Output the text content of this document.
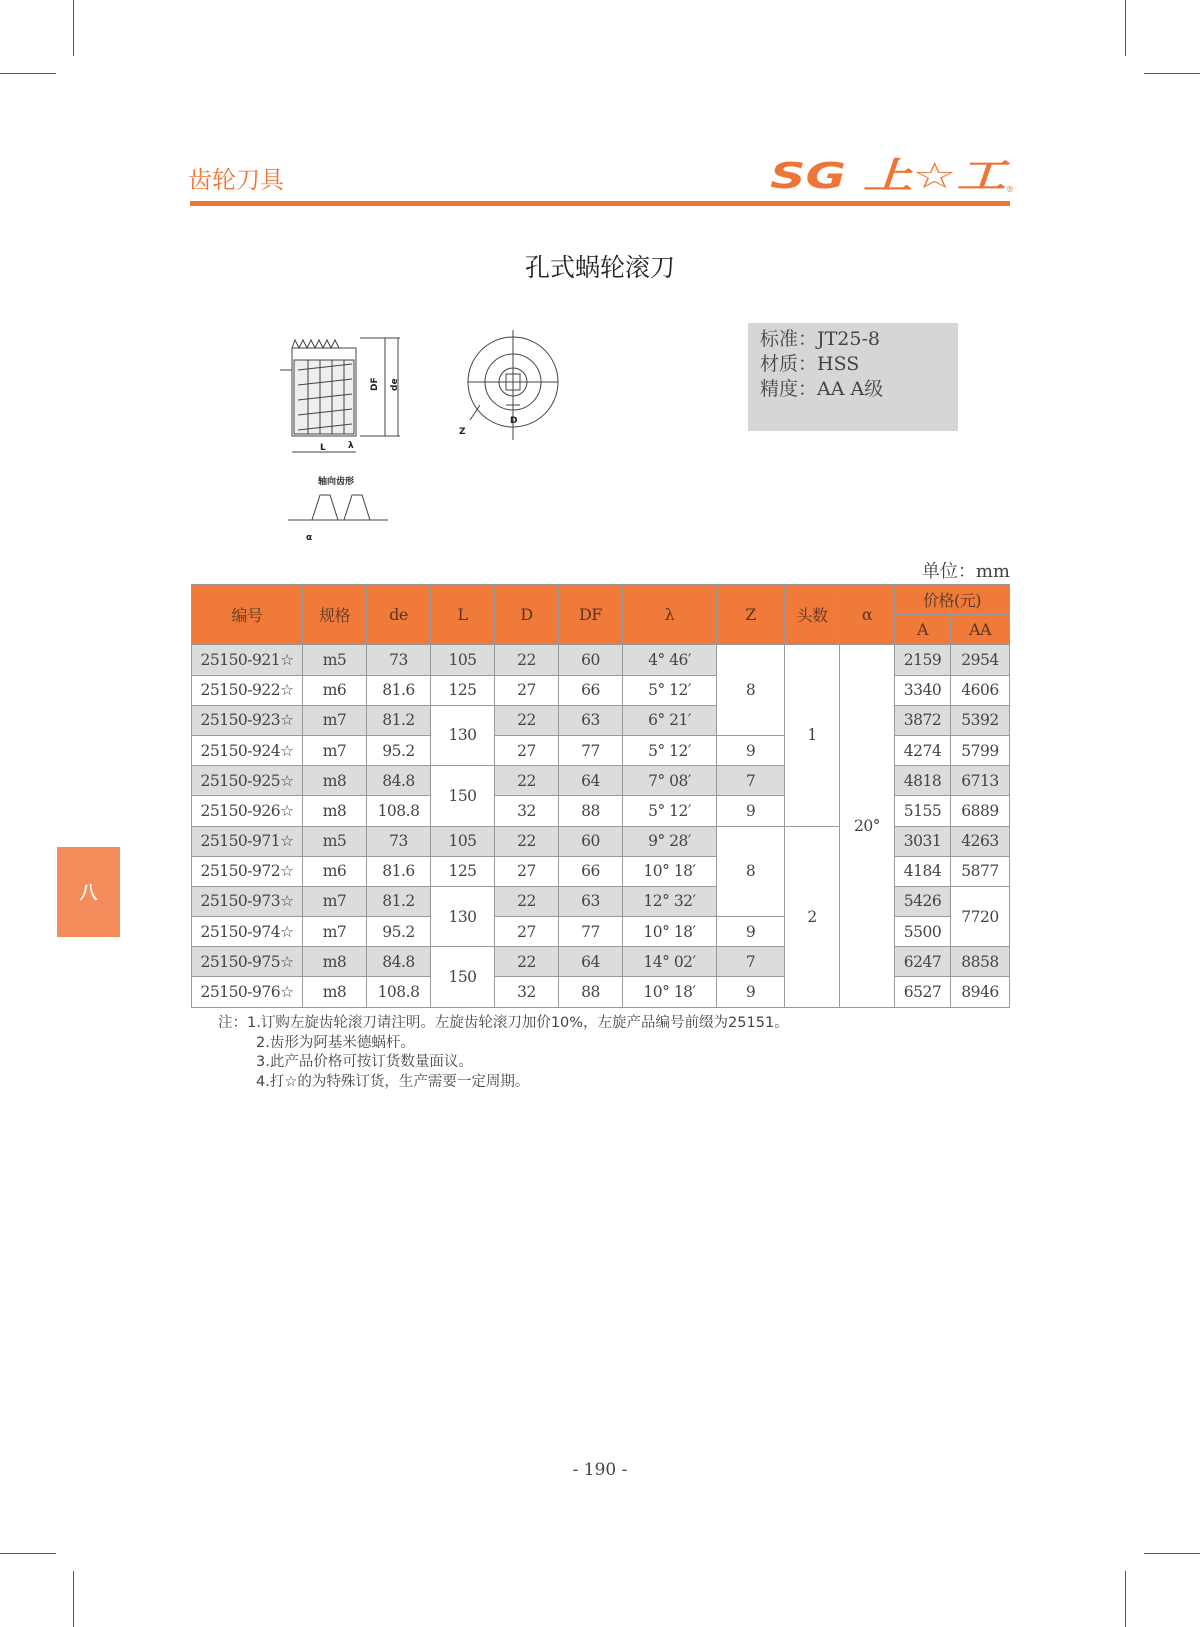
齿轮刀具	SG 上☆工
®
孔式蜗轮滚刀
DF de
L λ
D
Z
轴向齿形
α
标准：JT25-8
材质：HSS
精度：AA A级
单位：mm
编号	规格	de	L	D	DF	λ	Z	头数	α	价格(元)	
										A	AA
25150-921☆	m5	73	105	22	60	4° 46′	8	1	20°	2159	2954
25150-922☆	m6	81.6	125	27	66	5° 12′				3340	4606
25150-923☆	m7	81.2	130	22	63	6° 21′				3872	5392
25150-924☆	m7	95.2		27	77	5° 12′	9			4274	5799
25150-925☆	m8	84.8	150	22	64	7° 08′	7			4818	6713
25150-926☆	m8	108.8		32	88	5° 12′	9			5155	6889
25150-971☆	m5	73	105	22	60	9° 28′	8	2		3031	4263
25150-972☆	m6	81.6	125	27	66	10° 18′				4184	5877
25150-973☆	m7	81.2	130	22	63	12° 32′				5426	7720
25150-974☆	m7	95.2		27	77	10° 18′	9			5500	
25150-975☆	m8	84.8	150	22	64	14° 02′	7			6247	8858
25150-976☆	m8	108.8		32	88	10° 18′	9			6527	8946
注：1.订购左旋齿轮滚刀请注明。左旋齿轮滚刀加价10%，左旋产品编号前缀为25151。
2.齿形为阿基米德蜗杆。
3.此产品价格可按订货数量面议。
4.打☆的为特殊订货，生产需要一定周期。
八
- 190 -
